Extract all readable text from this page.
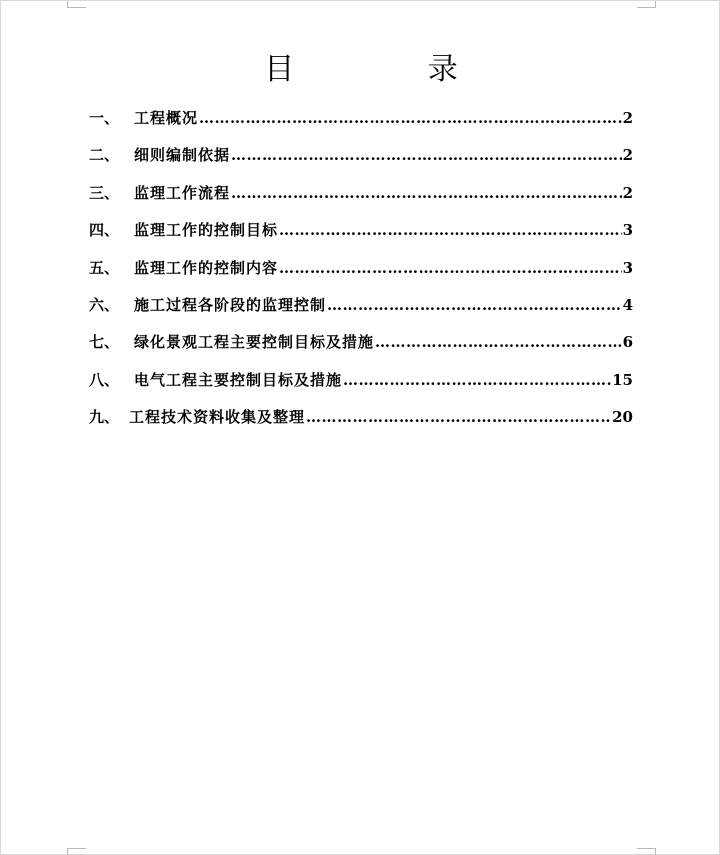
目 录
一、 工程概况 ………………………………………………………………………………………………………………………………………………………………	2
二、 细则编制依据 ………………………………………………………………………………………………………………………………………………………………	2
三、 监理工作流程 ………………………………………………………………………………………………………………………………………………………………	2
四、 监理工作的控制目标 ………………………………………………………………………………………………………………………………………………………………	3
五、 监理工作的控制内容 ………………………………………………………………………………………………………………………………………………………………	3
六、 施工过程各阶段的监理控制 ………………………………………………………………………………………………………………………………………………………………	4
七、 绿化景观工程主要控制目标及措施 ………………………………………………………………………………………………………………………………………………………………	6
八、 电气工程主要控制目标及措施 ………………………………………………………………………………………………………………………………………………………………	15
九、 工程技术资料收集及整理 ………………………………………………………………………………………………………………………………………………………………	20
